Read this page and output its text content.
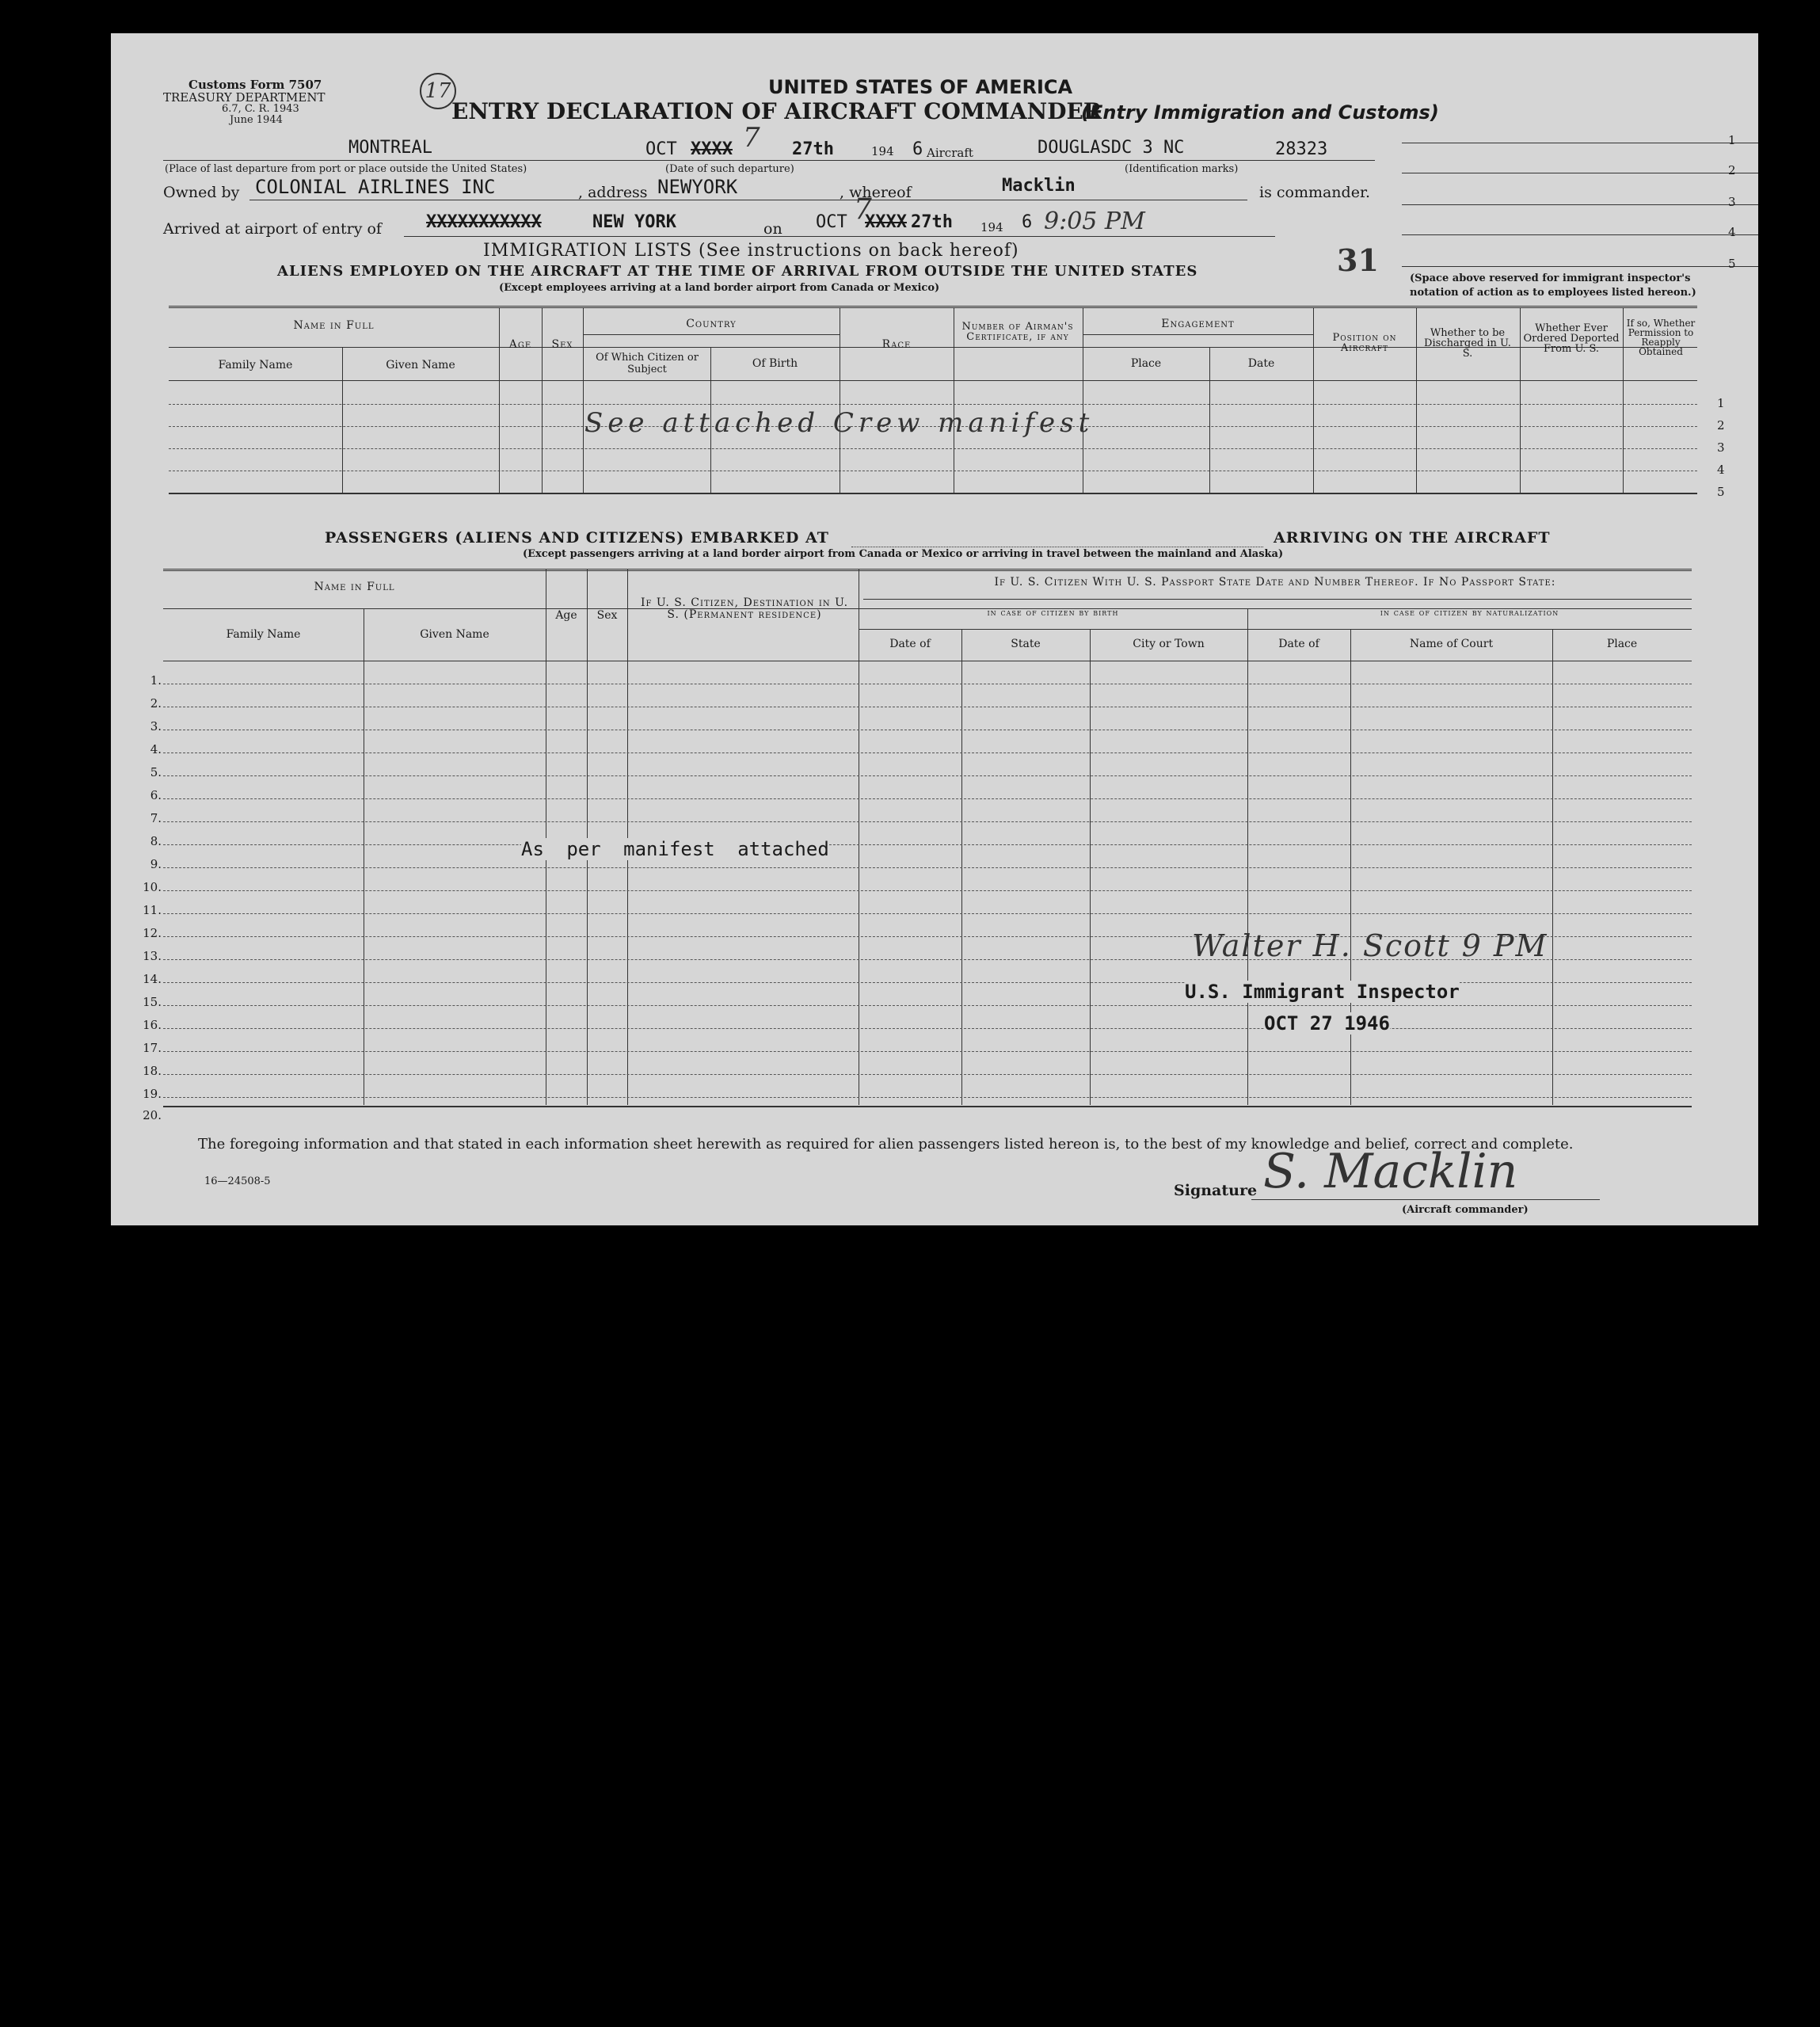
Customs Form 7507
TREASURY DEPARTMENT
6.7, C. R. 1943
June 1944
17	UNITED STATES OF AMERICA
ENTRY DECLARATION OF AIRCRAFT COMMANDER
(Entry Immigration and Customs)
1
2
3
4
5
(Space above reserved for immigrant inspector's
notation of action as to employees listed hereon.)
MONTREAL
(Place of last departure from port or place outside the United States)
OCT XXXX 7 27th
(Date of such departure)
194 6 Aircraft	DOUGLASDC 3 NC	28323
(Identification marks)
Owned by COLONIAL AIRLINES INC	, address NEWYORK	, whereof	Macklin	is commander.
Arrived at airport of entry of	XXXXXXXXXXX	NEW YORK	on OCT 7
XXXX 27th 194 6 9:05 PM
31
IMMIGRATION LISTS (See instructions on back hereof)
ALIENS EMPLOYED ON THE AIRCRAFT AT THE TIME OF ARRIVAL FROM OUTSIDE THE UNITED STATES
(Except employees arriving at a land border airport from Canada or Mexico)
Name in Full
Family Name	Given Name
Age	Sex
Country
Of Which Citizen or Subject	Of Birth
Race
Number of Airman's Certificate, if any
Engagement
Place	Date
Position on Aircraft
Whether to be Discharged in U. S.
Whether Ever Ordered Deported From U. S.
If so, Whether Permission to Reapply Obtained
1
2
3
4
5
See attached Crew manifest
PASSENGERS (ALIENS AND CITIZENS) EMBARKED AT	ARRIVING ON THE AIRCRAFT
(Except passengers arriving at a land border airport from Canada or Mexico or arriving in travel between the mainland and Alaska)
Name in Full
Family Name	Given Name
Age	Sex
If U. S. Citizen, Destination in U. S. (Permanent residence)
If U. S. Citizen With U. S. Passport State Date and Number Thereof. If No Passport State:
in case of citizen by birth	in case of citizen by naturalization
Date of	State	City or Town	Date of	Name of Court	Place
1.
2.
3.
4.
5.
6.
7.
8.
9.
10.
11.
12.
13.
14.
15.
16.
17.
18.
19.
20.
As per manifest attached
Walter H. Scott 9 PM
U.S. Immigrant Inspector
OCT 27 1946
The foregoing information and that stated in each information sheet herewith as required for alien passengers listed hereon is, to the best of my knowledge and belief, correct and complete.
16—24508-5
Signature S. Macklin
(Aircraft commander)
